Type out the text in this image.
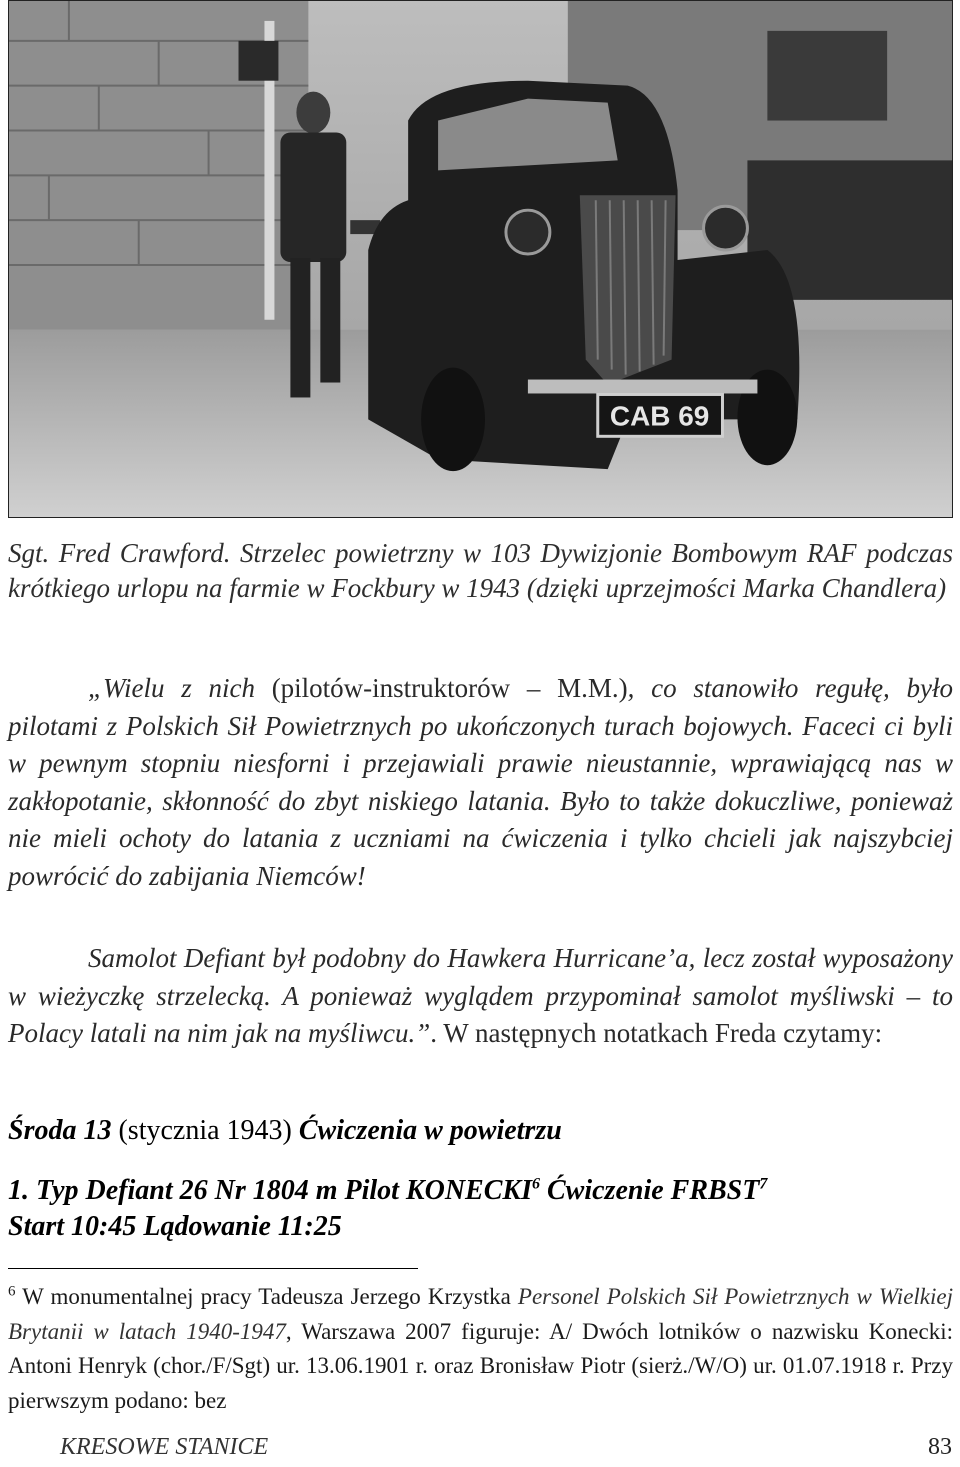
CAB 69

Sgt. Fred Crawford. Strzelec powietrzny w 103 Dywizjonie Bombowym RAF podczas krótkiego urlopu na farmie w Fockbury w 1943 (dzięki uprzejmości Marka Chandlera)

„Wielu z nich (pilotów-instruktorów – M.M.), co stanowiło regułę, było pilotami z Polskich Sił Powietrznych po ukończonych turach bojowych. Faceci ci byli w pewnym stopniu niesforni i przejawiali prawie nieustannie, wprawiającą nas w zakłopotanie, skłonność do zbyt niskiego latania. Było to także dokuczliwe, ponieważ nie mieli ochoty do latania z uczniami na ćwiczenia i tylko chcieli jak najszybciej powrócić do zabijania Niemców!

Samolot Defiant był podobny do Hawkera Hurricane’a, lecz został wyposażony w wieżyczkę strzelecką. A ponieważ wyglądem przypominał samolot myśliwski – to Polacy latali na nim jak na myśliwcu.”. W następnych notatkach Freda czytamy:

Środa 13 (stycznia 1943) Ćwiczenia w powietrzu

1. Typ Defiant 26 Nr 1804 m Pilot KONECKI$^6$ Ćwiczenie FRBST$^7$
Start 10:45 Lądowanie 11:25

$^6$ W monumentalnej pracy Tadeusza Jerzego Krzystka Personel Polskich Sił Powietrznych w Wielkiej Brytanii w latach 1940-1947, Warszawa 2007 figuruje: A/ Dwóch lotników o nazwisku Konecki: Antoni Henryk (chor./F/Sgt) ur. 13.06.1901 r. oraz Bronisław Piotr (sierż./W/O) ur. 01.07.1918 r. Przy pierwszym podano: bez

KRESOWE STANICE	83
